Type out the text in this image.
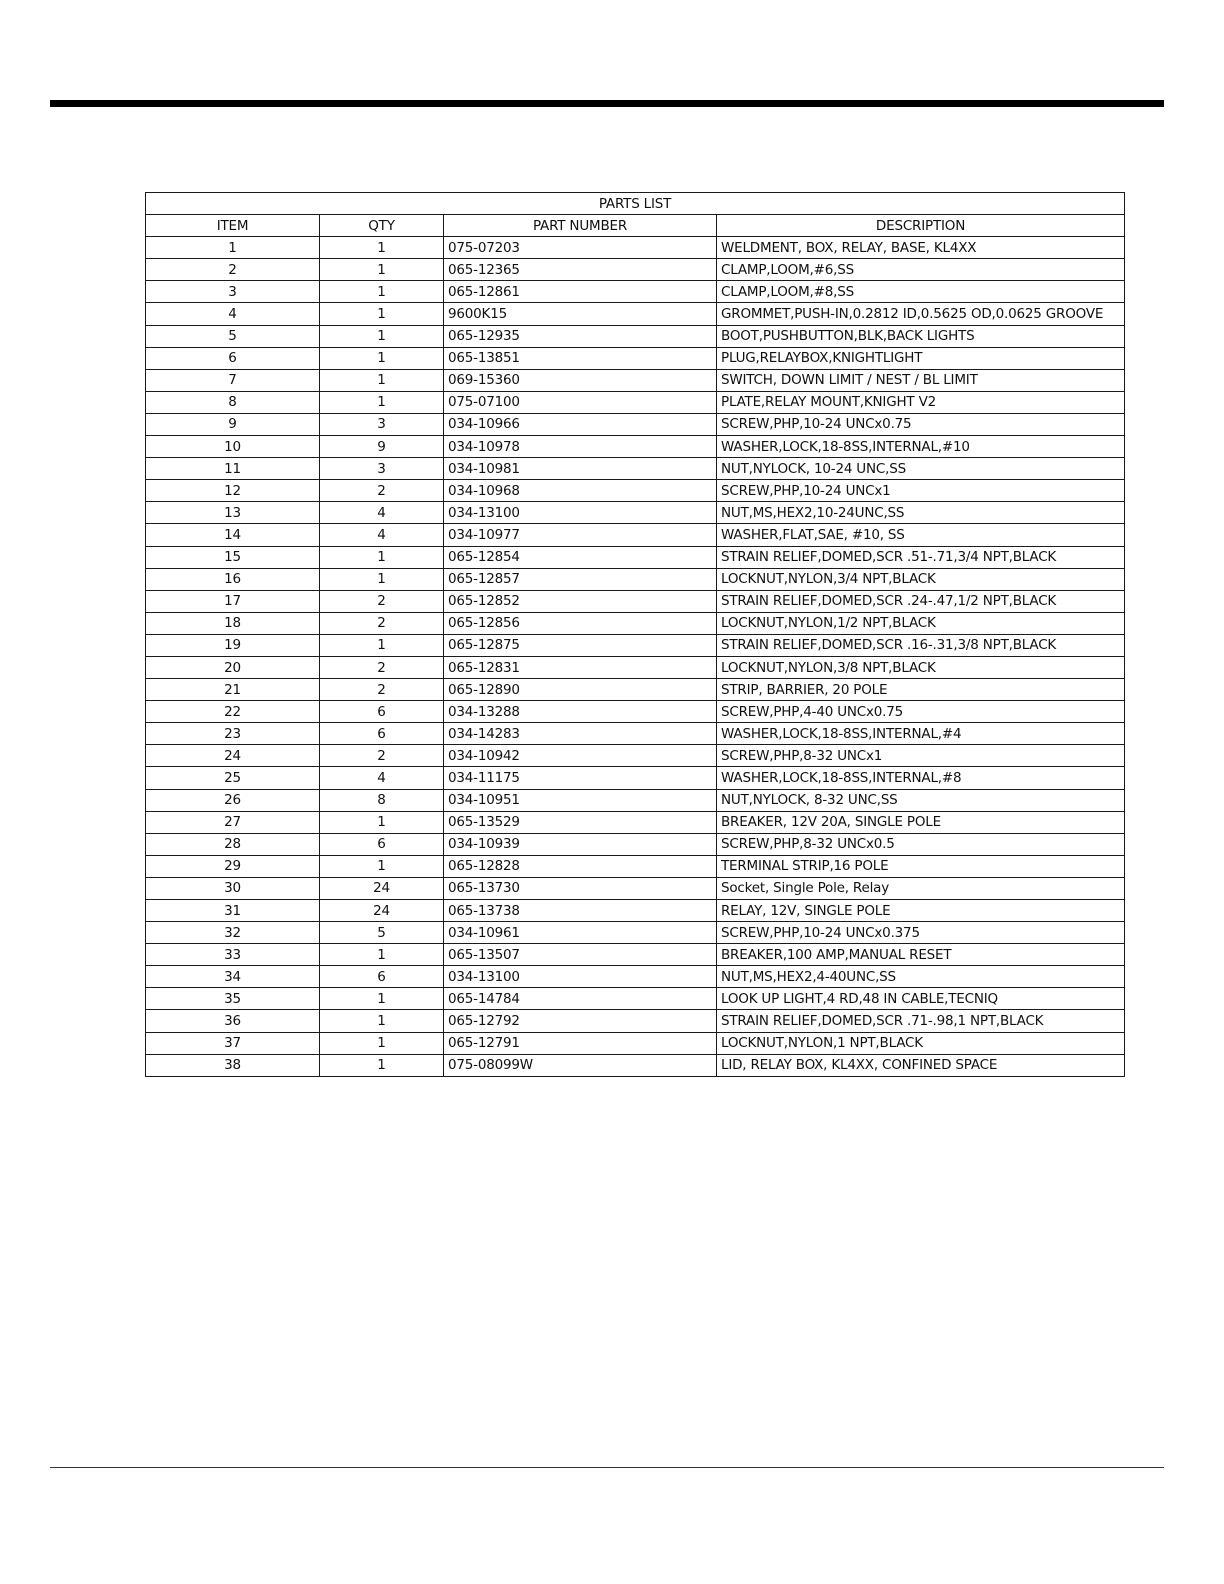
PARTS LIST			
ITEM	QTY	PART NUMBER	DESCRIPTION
1	1	075-07203	WELDMENT, BOX, RELAY, BASE, KL4XX
2	1	065-12365	CLAMP,LOOM,#6,SS
3	1	065-12861	CLAMP,LOOM,#8,SS
4	1	9600K15	GROMMET,PUSH-IN,0.2812 ID,0.5625 OD,0.0625 GROOVE
5	1	065-12935	BOOT,PUSHBUTTON,BLK,BACK LIGHTS
6	1	065-13851	PLUG,RELAYBOX,KNIGHTLIGHT
7	1	069-15360	SWITCH, DOWN LIMIT / NEST / BL LIMIT
8	1	075-07100	PLATE,RELAY MOUNT,KNIGHT V2
9	3	034-10966	SCREW,PHP,10-24 UNCx0.75
10	9	034-10978	WASHER,LOCK,18-8SS,INTERNAL,#10
11	3	034-10981	NUT,NYLOCK, 10-24 UNC,SS
12	2	034-10968	SCREW,PHP,10-24 UNCx1
13	4	034-13100	NUT,MS,HEX2,10-24UNC,SS
14	4	034-10977	WASHER,FLAT,SAE, #10, SS
15	1	065-12854	STRAIN RELIEF,DOMED,SCR .51-.71,3/4 NPT,BLACK
16	1	065-12857	LOCKNUT,NYLON,3/4 NPT,BLACK
17	2	065-12852	STRAIN RELIEF,DOMED,SCR .24-.47,1/2 NPT,BLACK
18	2	065-12856	LOCKNUT,NYLON,1/2 NPT,BLACK
19	1	065-12875	STRAIN RELIEF,DOMED,SCR .16-.31,3/8 NPT,BLACK
20	2	065-12831	LOCKNUT,NYLON,3/8 NPT,BLACK
21	2	065-12890	STRIP, BARRIER, 20 POLE
22	6	034-13288	SCREW,PHP,4-40 UNCx0.75
23	6	034-14283	WASHER,LOCK,18-8SS,INTERNAL,#4
24	2	034-10942	SCREW,PHP,8-32 UNCx1
25	4	034-11175	WASHER,LOCK,18-8SS,INTERNAL,#8
26	8	034-10951	NUT,NYLOCK, 8-32 UNC,SS
27	1	065-13529	BREAKER, 12V 20A, SINGLE POLE
28	6	034-10939	SCREW,PHP,8-32 UNCx0.5
29	1	065-12828	TERMINAL STRIP,16 POLE
30	24	065-13730	Socket, Single Pole, Relay
31	24	065-13738	RELAY, 12V, SINGLE POLE
32	5	034-10961	SCREW,PHP,10-24 UNCx0.375
33	1	065-13507	BREAKER,100 AMP,MANUAL RESET
34	6	034-13100	NUT,MS,HEX2,4-40UNC,SS
35	1	065-14784	LOOK UP LIGHT,4 RD,48 IN CABLE,TECNIQ
36	1	065-12792	STRAIN RELIEF,DOMED,SCR .71-.98,1 NPT,BLACK
37	1	065-12791	LOCKNUT,NYLON,1 NPT,BLACK
38	1	075-08099W	LID, RELAY BOX, KL4XX, CONFINED SPACE
